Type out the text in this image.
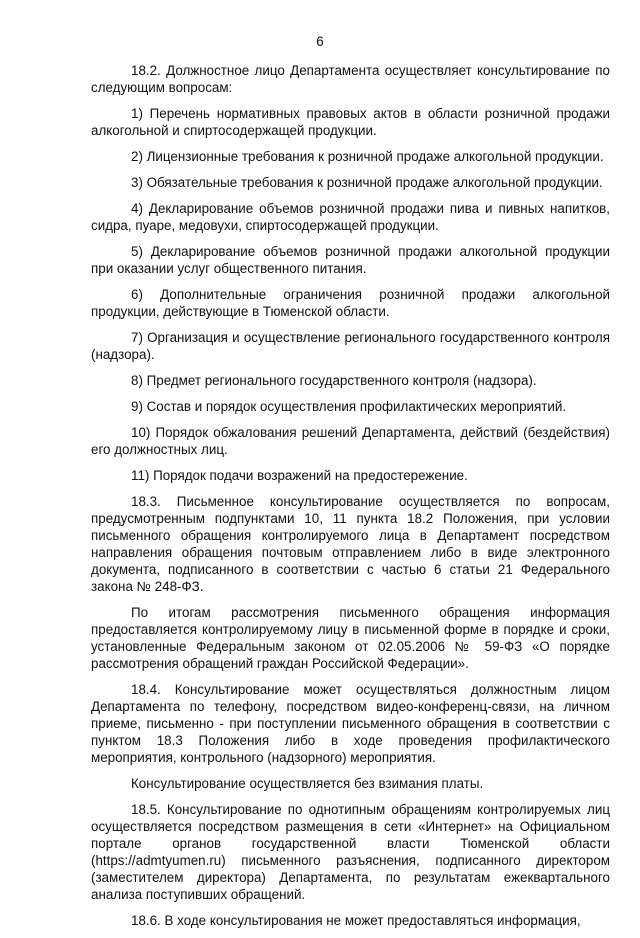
6

18.2. Должностное лицо Департамента осуществляет консультирование по следующим вопросам:

1) Перечень нормативных правовых актов в области розничной продажи алкогольной и спиртосодержащей продукции.

2) Лицензионные требования к розничной продаже алкогольной продукции.

3) Обязательные требования к розничной продаже алкогольной продукции.

4) Декларирование объемов розничной продажи пива и пивных напитков, сидра, пуаре, медовухи, спиртосодержащей продукции.

5) Декларирование объемов розничной продажи алкогольной продукции при оказании услуг общественного питания.

6) Дополнительные ограничения розничной продажи алкогольной продукции, действующие в Тюменской области.

7) Организация и осуществление регионального государственного контроля (надзора).

8) Предмет регионального государственного контроля (надзора).

9) Состав и порядок осуществления профилактических мероприятий.

10) Порядок обжалования решений Департамента, действий (бездействия) его должностных лиц.

11) Порядок подачи возражений на предостережение.

18.3. Письменное консультирование осуществляется по вопросам, предусмотренным подпунктами 10, 11 пункта 18.2 Положения, при условии письменного обращения контролируемого лица в Департамент посредством направления обращения почтовым отправлением либо в виде электронного документа, подписанного в соответствии с частью 6 статьи 21 Федерального закона № 248-ФЗ.

По итогам рассмотрения письменного обращения информация предоставляется контролируемому лицу в письменной форме в порядке и сроки, установленные Федеральным законом от 02.05.2006 № 59-ФЗ «О порядке рассмотрения обращений граждан Российской Федерации».

18.4. Консультирование может осуществляться должностным лицом Департамента по телефону, посредством видео-конференц-связи, на личном приеме, письменно - при поступлении письменного обращения в соответствии с пунктом 18.3 Положения либо в ходе проведения профилактического мероприятия, контрольного (надзорного) мероприятия.

Консультирование осуществляется без взимания платы.

18.5. Консультирование по однотипным обращениям контролируемых лиц осуществляется посредством размещения в сети «Интернет» на Официальном портале органов государственной власти Тюменской области (https://admtyumen.ru) письменного разъяснения, подписанного директором (заместителем директора) Департамента, по результатам ежеквартального анализа поступивших обращений.

18.6. В ходе консультирования не может предоставляться информация,
